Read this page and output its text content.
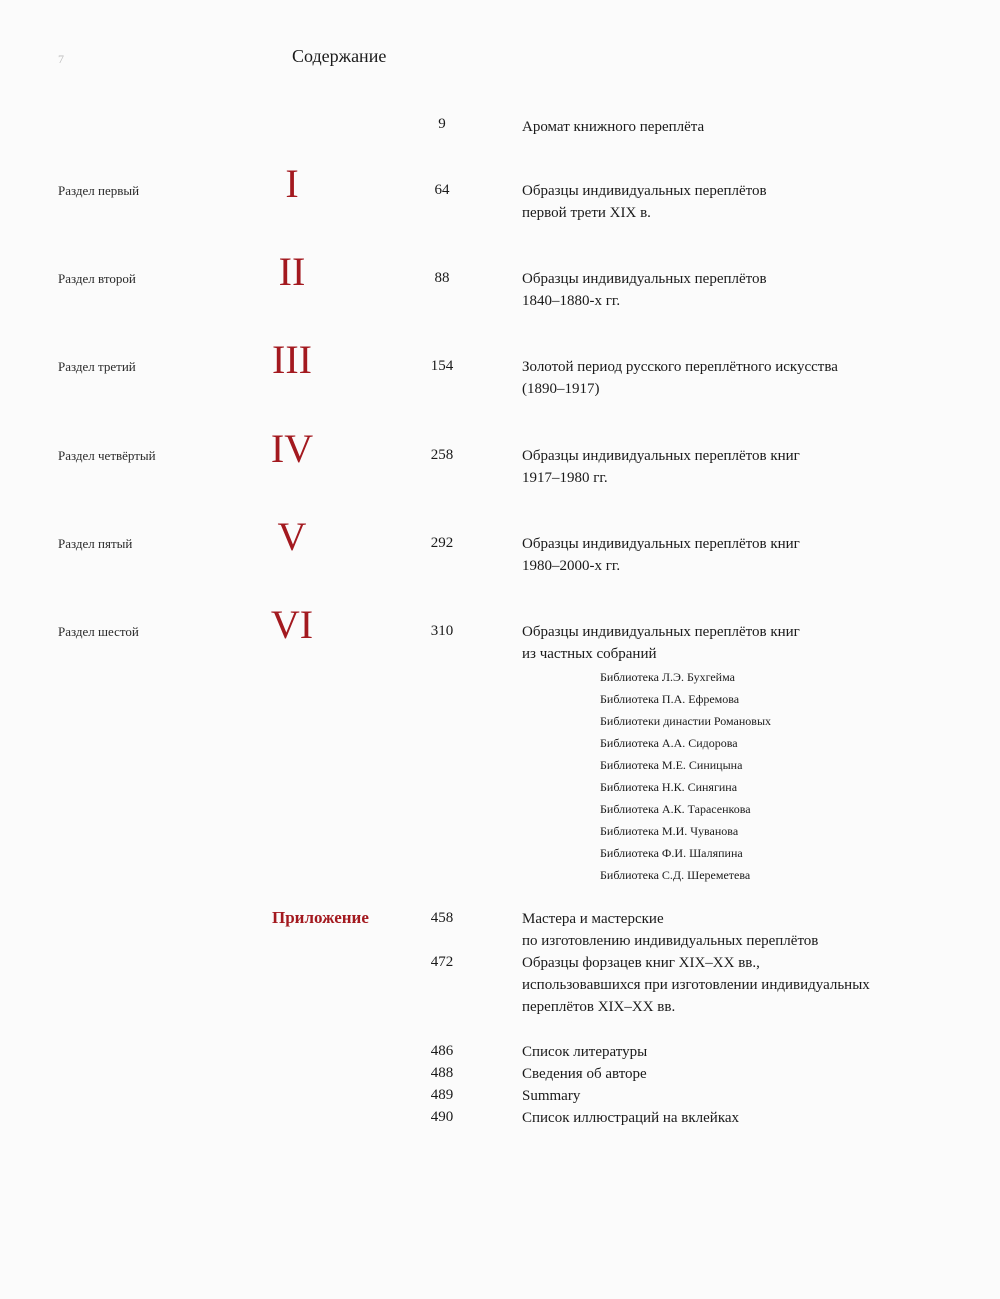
7	Содержание
9	Аромат книжного переплёта
Раздел первый	I	64	Образцы индивидуальных переплётов
первой трети XIX в.
Раздел второй	II	88	Образцы индивидуальных переплётов
1840–1880-х гг.
Раздел третий	III	154	Золотой период русского переплётного искусства
(1890–1917)
Раздел четвёртый	IV	258	Образцы индивидуальных переплётов книг
1917–1980 гг.
Раздел пятый	V	292	Образцы индивидуальных переплётов книг
1980–2000-х гг.
Раздел шестой	VI	310	Образцы индивидуальных переплётов книг
из частных собраний
Библиотека Л.Э. Бухгейма
Библиотека П.А. Ефремова
Библиотеки династии Романовых
Библиотека А.А. Сидорова
Библиотека М.Е. Синицына
Библиотека Н.К. Синягина
Библиотека А.К. Тарасенкова
Библиотека М.И. Чуванова
Библиотека Ф.И. Шаляпина
Библиотека С.Д. Шереметева
Приложение	458	Мастера и мастерские
по изготовлению индивидуальных переплётов
472	Образцы форзацев книг XIX–XX вв.,
использовавшихся при изготовлении индивидуальных
переплётов XIX–XX вв.
486	Список литературы
488	Сведения об авторе
489	Summary
490	Список иллюстраций на вклейках
